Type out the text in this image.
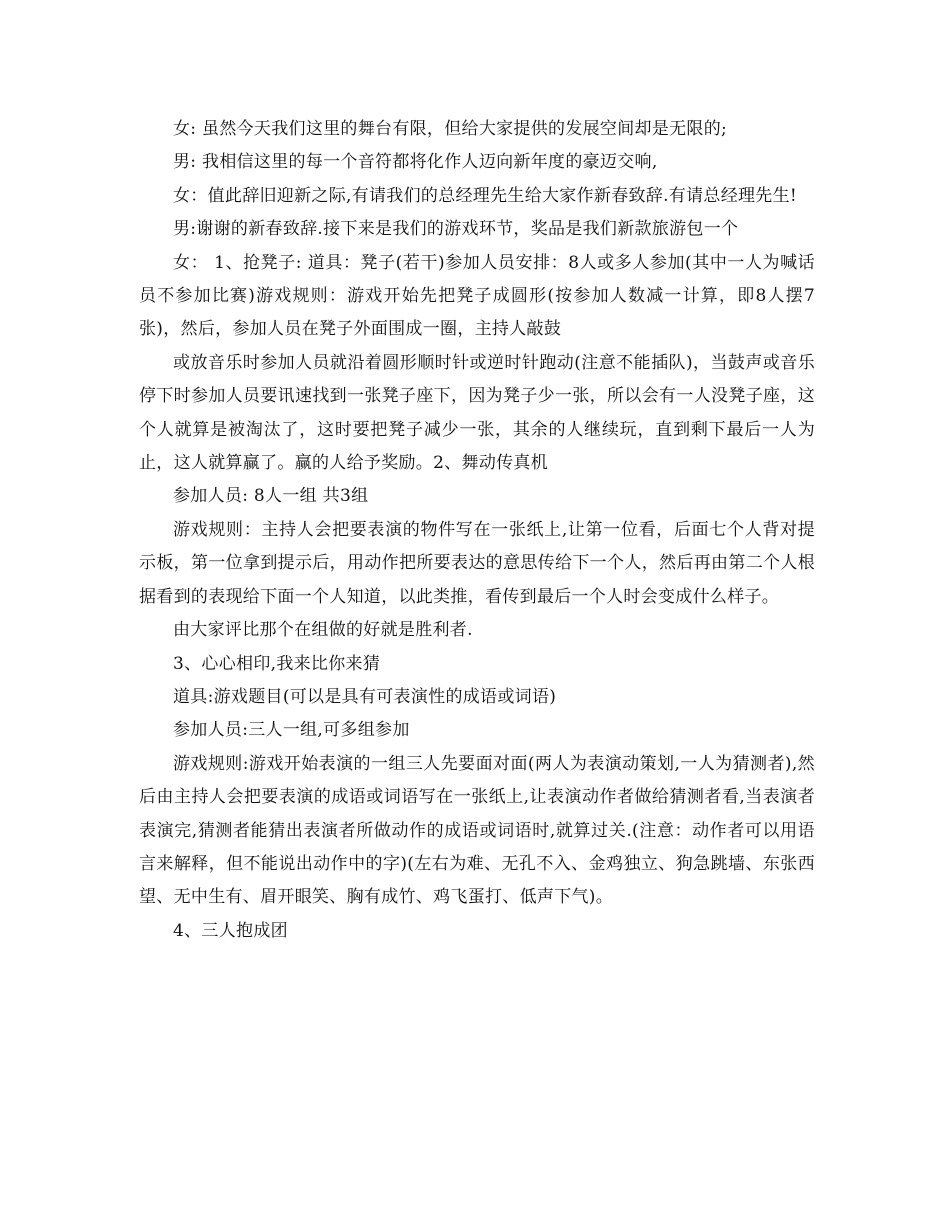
女: 虽然今天我们这里的舞台有限，但给大家提供的发展空间却是无限的;

男: 我相信这里的每一个音符都将化作人迈向新年度的豪迈交响,

女：值此辞旧迎新之际,有请我们的总经理先生给大家作新春致辞.有请总经理先生!

男:谢谢的新春致辞.接下来是我们的游戏环节，奖品是我们新款旅游包一个

女： 1、抢凳子: 道具：凳子(若干)参加人员安排：8人或多人参加(其中一人为喊话员不参加比赛)游戏规则：游戏开始先把凳子成圆形(按参加人数减一计算，即8人摆7张)，然后，参加人员在凳子外面围成一圈，主持人敲鼓

或放音乐时参加人员就沿着圆形顺时针或逆时针跑动(注意不能插队)，当鼓声或音乐停下时参加人员要讯速找到一张凳子座下，因为凳子少一张，所以会有一人没凳子座，这个人就算是被淘汰了，这时要把凳子减少一张，其余的人继续玩，直到剩下最后一人为止，这人就算赢了。赢的人给予奖励。2、舞动传真机

参加人员: 8人一组 共3组

游戏规则：主持人会把要表演的物件写在一张纸上,让第一位看，后面七个人背对提示板，第一位拿到提示后，用动作把所要表达的意思传给下一个人，然后再由第二个人根据看到的表现给下面一个人知道，以此类推，看传到最后一个人时会变成什么样子。

由大家评比那个在组做的好就是胜利者.

3、心心相印,我来比你来猜

道具:游戏题目(可以是具有可表演性的成语或词语)

参加人员:三人一组,可多组参加

游戏规则:游戏开始表演的一组三人先要面对面(两人为表演动策划,一人为猜测者),然后由主持人会把要表演的成语或词语写在一张纸上,让表演动作者做给猜测者看,当表演者表演完,猜测者能猜出表演者所做动作的成语或词语时,就算过关.(注意：动作者可以用语言来解释，但不能说出动作中的字)(左右为难、无孔不入、金鸡独立、狗急跳墙、东张西望、无中生有、眉开眼笑、胸有成竹、鸡飞蛋打、低声下气)。

4、三人抱成团
